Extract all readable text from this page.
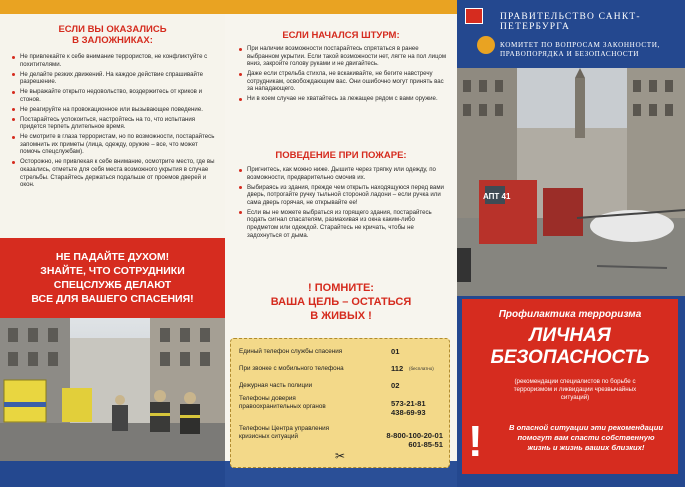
ЕСЛИ ВЫ ОКАЗАЛИСЬ
В ЗАЛОЖНИКАХ:
Не привлекайте к себе внимание террористов, не конфликтуйте с похитителями.
Не делайте резких движений. На каждое действие спрашивайте разрешение.
Не выражайте открыто недовольство, воздержитесь от криков и стонов.
Не реагируйте на провокационное или вызывающее поведение.
Постарайтесь успокоиться, настройтесь на то, что испытания придется терпеть длительное время.
Не смотрите в глаза террористам, но по возможности, постарайтесь запомнить их приметы (лица, одежду, оружие – все, что может помочь спецслужбам).
Осторожно, не привлекая к себе внимание, осмотрите место, где вы оказались, отметьте для себя места возможного укрытия в случае стрельбы. Старайтесь держаться подальше от проемов дверей и окон.
НЕ ПАДАЙТЕ ДУХОМ!
ЗНАЙТЕ, ЧТО СОТРУДНИКИ
СПЕЦСЛУЖБ ДЕЛАЮТ
ВСЕ ДЛЯ ВАШЕГО СПАСЕНИЯ!
ЕСЛИ НАЧАЛСЯ ШТУРМ:
При наличии возможности постарайтесь спрятаться в ранее выбранном укрытии. Если такой возможности нет, лягте на пол лицом вниз, закройте голову руками и не двигайтесь.
Даже если стрельба стихла, не вскакивайте, не бегите навстречу сотрудникам, освобождающим вас. Они ошибочно могут принять вас за нападающего.
Ни в коем случае не хватайтесь за лежащее рядом с вами оружие.
ПОВЕДЕНИЕ ПРИ ПОЖАРЕ:
Пригнитесь, как можно ниже. Дышите через тряпку или одежду, по возможности, предварительно смочив их.
Выбираясь из здания, прежде чем открыть находящуюся перед вами дверь, потрогайте ручку тыльной стороной ладони – если ручка или сама дверь горячая, не открывайте ее!
Если вы не можете выбраться из горящего здания, постарайтесь подать сигнал спасателям, размахивая из окна каким-либо предметом или одеждой. Старайтесь не кричать, чтобы не задохнуться от дыма.
! ПОМНИТЕ:
ВАША ЦЕЛЬ – ОСТАТЬСЯ
В ЖИВЫХ !
Единый телефон службы спасения	01
При звонке с мобильного телефона	112 (бесплатно)
Дежурная часть полиции	02
Телефоны доверия правоохранительных органов	573-21-81
438-69-93
Телефоны Центра управления кризисных ситуаций	8-800-100-20-01
601-85-51
✂
АПТ 41
ПРАВИТЕЛЬСТВО САНКТ-ПЕТЕРБУРГА
КОМИТЕТ ПО ВОПРОСАМ ЗАКОННОСТИ,
ПРАВОПОРЯДКА И БЕЗОПАСНОСТИ
Профилактика терроризма
ЛИЧНАЯ
БЕЗОПАСНОСТЬ
(рекомендации специалистов по борьбе с терроризмом и ликвидации чрезвычайных ситуаций)
!	В опасной ситуации эти рекомендации помогут вам спасти собственную жизнь и жизнь ваших близких!
